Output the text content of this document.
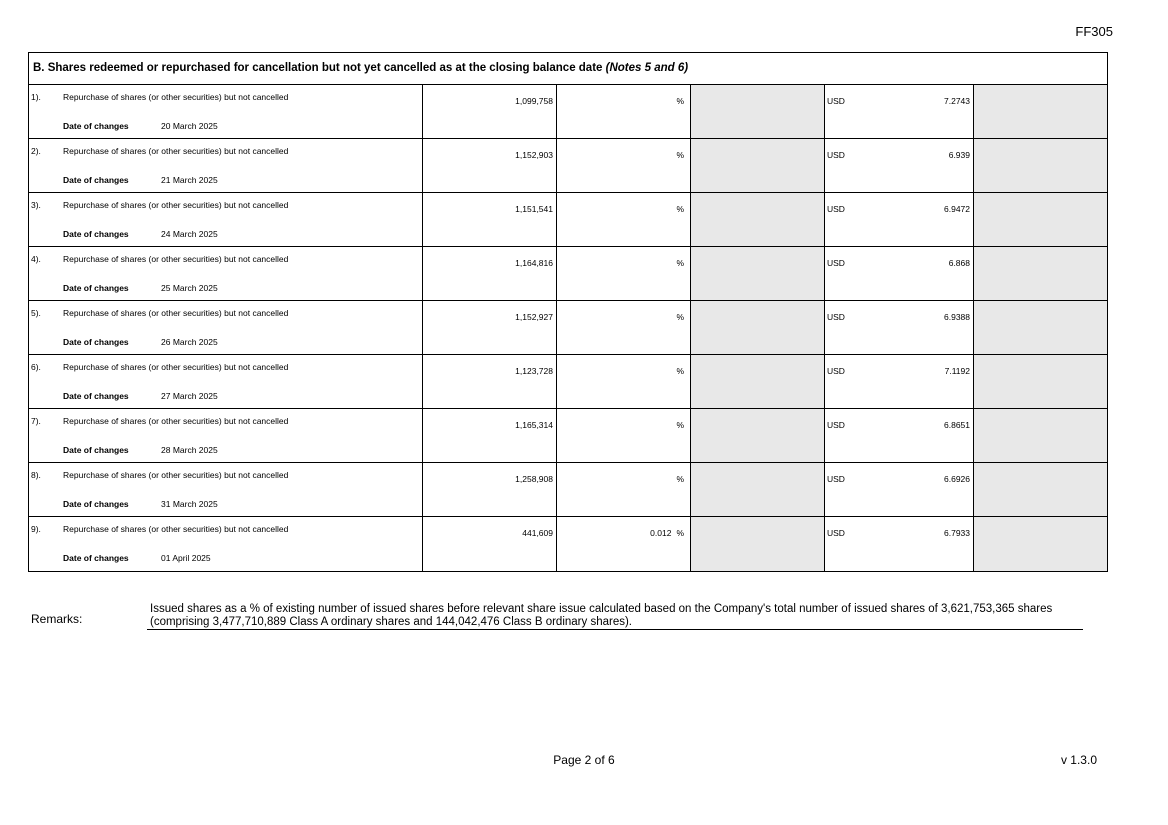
FF305
B. Shares redeemed or repurchased for cancellation but not yet cancelled as at the closing balance date (Notes 5 and 6)
1).	Repurchase of shares (or other securities) but not cancelled
Date of changes	20 March 2025
1,099,758	%	USD	7.2743
2).	Repurchase of shares (or other securities) but not cancelled
Date of changes	21 March 2025
1,152,903	%	USD	6.939
3).	Repurchase of shares (or other securities) but not cancelled
Date of changes	24 March 2025
1,151,541	%	USD	6.9472
4).	Repurchase of shares (or other securities) but not cancelled
Date of changes	25 March 2025
1,164,816	%	USD	6.868
5).	Repurchase of shares (or other securities) but not cancelled
Date of changes	26 March 2025
1,152,927	%	USD	6.9388
6).	Repurchase of shares (or other securities) but not cancelled
Date of changes	27 March 2025
1,123,728	%	USD	7.1192
7).	Repurchase of shares (or other securities) but not cancelled
Date of changes	28 March 2025
1,165,314	%	USD	6.8651
8).	Repurchase of shares (or other securities) but not cancelled
Date of changes	31 March 2025
1,258,908	%	USD	6.6926
9).	Repurchase of shares (or other securities) but not cancelled
Date of changes	01 April 2025
441,609	0.012 %	USD	6.7933
Remarks:
Issued shares as a % of existing number of issued shares before relevant share issue calculated based on the Company's total number of issued shares of 3,621,753,365 shares (comprising 3,477,710,889 Class A ordinary shares and 144,042,476 Class B ordinary shares).
Page 2 of 6	v 1.3.0
